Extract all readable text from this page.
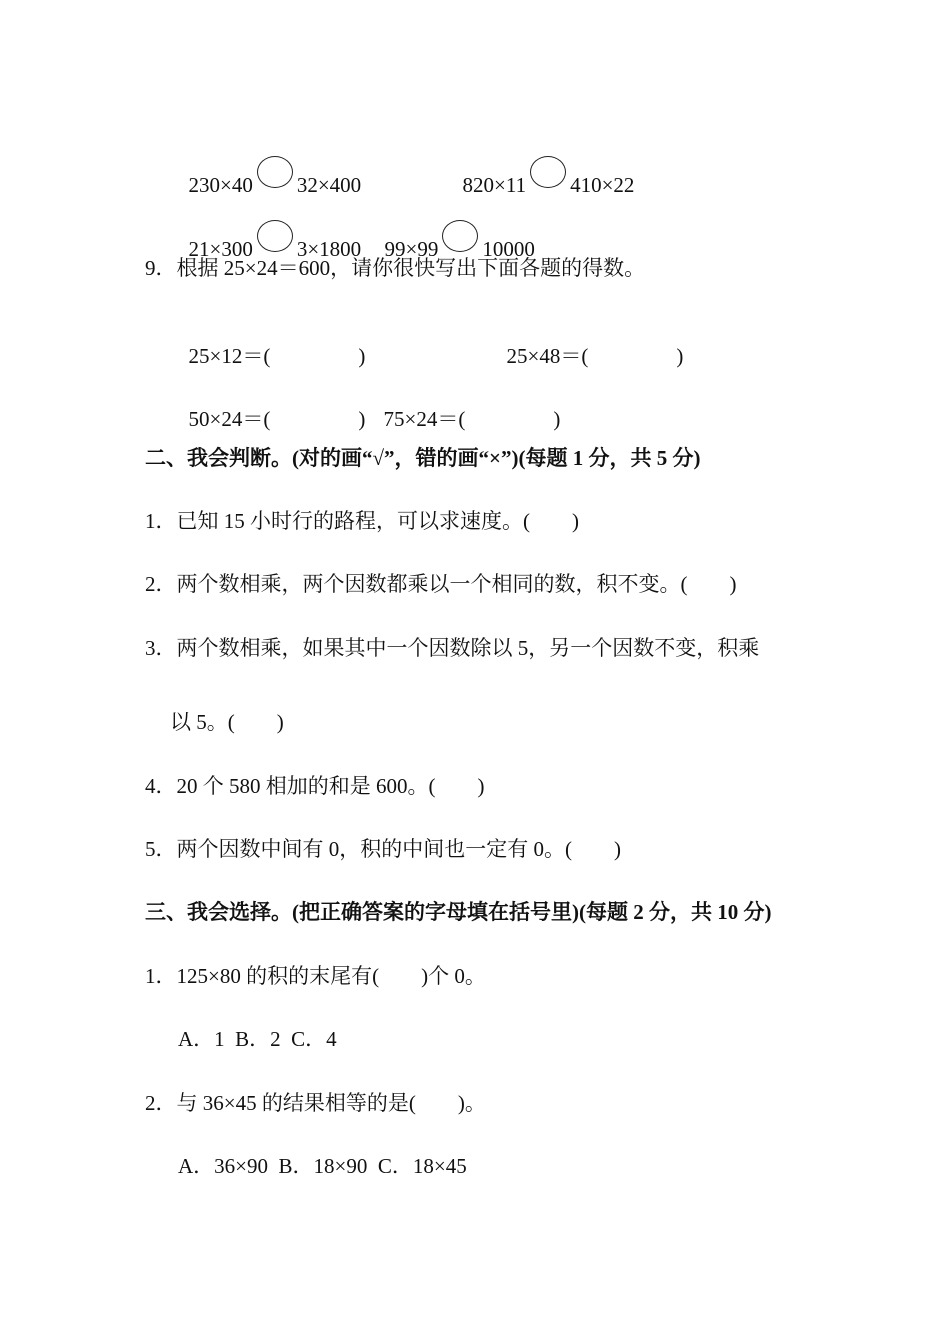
230×40 32×400	820×11 410×22

21×300 3×1800	99×99 10000

9．根据 25×24＝600，请你很快写出下面各题的得数。

25×12＝(	)	25×48＝(	)

50×24＝(	) 75×24＝(	)

二、我会判断。(对的画“√”，错的画“×”)(每题 1 分，共 5 分)
1．已知 15 小时行的路程，可以求速度。(　　)
2．两个数相乘，两个因数都乘以一个相同的数，积不变。(　　)
3．两个数相乘，如果其中一个因数除以 5，另一个因数不变，积乘
以 5。(　　)
4．20 个 580 相加的和是 600。(　　)
5．两个因数中间有 0，积的中间也一定有 0。(　　)
三、我会选择。(把正确答案的字母填在括号里)(每题 2 分，共 10 分)
1．125×80 的积的末尾有(　　)个 0。
A．1  B．2  C．4
2．与 36×45 的结果相等的是(　　)。
A．36×90  B．18×90  C．18×45
